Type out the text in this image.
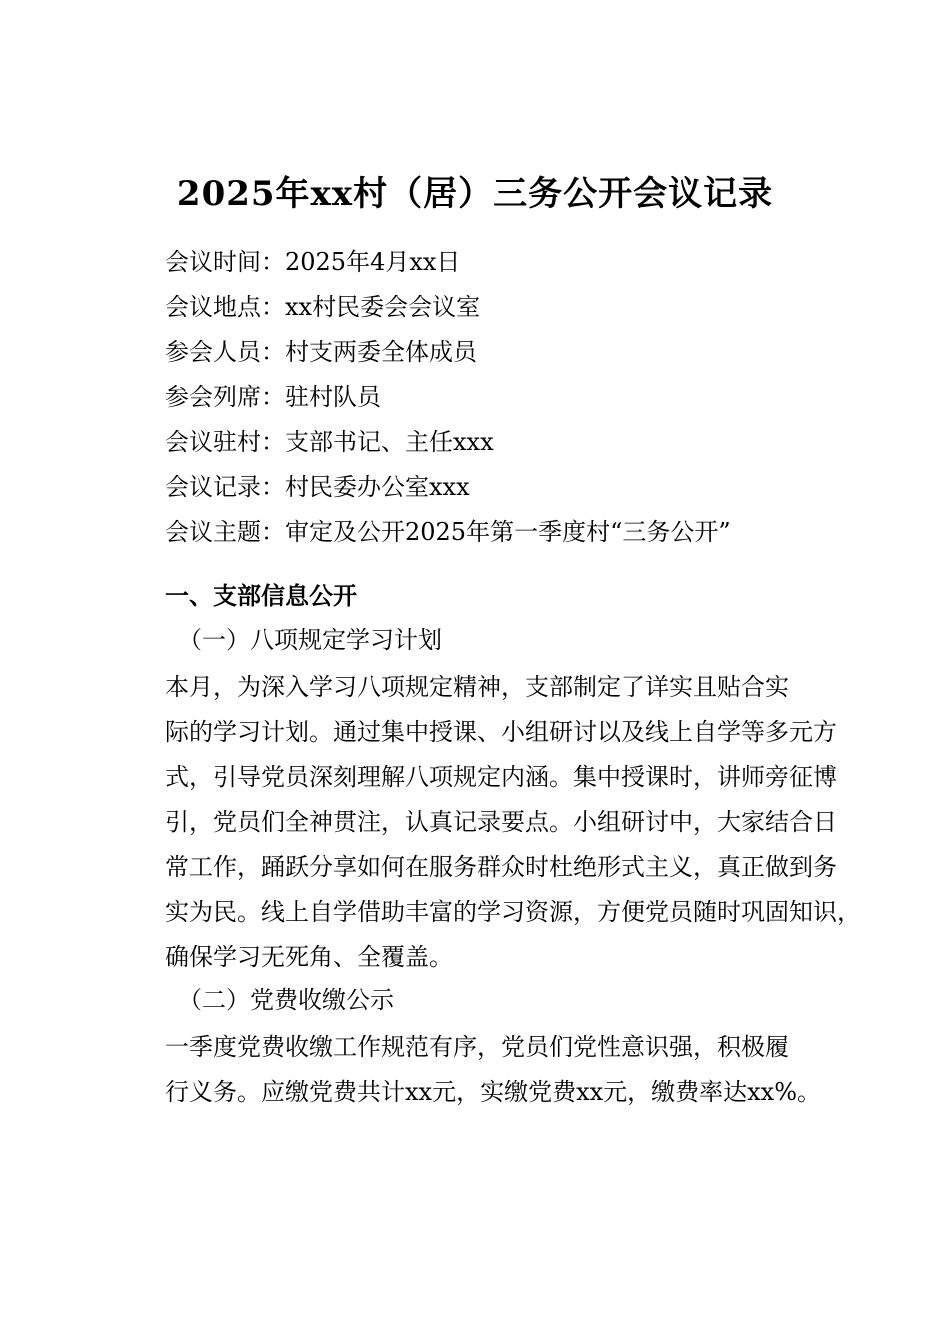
2025年xx村（居）三务公开会议记录
会议时间：2025年4月xx日
会议地点：xx村民委会会议室
参会人员：村支两委全体成员
参会列席：驻村队员
会议驻村：支部书记、主任xxx
会议记录：村民委办公室xxx
会议主题：审定及公开2025年第一季度村“三务公开”
一、支部信息公开
（一）八项规定学习计划
本月，为深入学习八项规定精神，支部制定了详实且贴合实
际的学习计划。通过集中授课、小组研讨以及线上自学等多元方
式，引导党员深刻理解八项规定内涵。集中授课时，讲师旁征博
引，党员们全神贯注，认真记录要点。小组研讨中，大家结合日
常工作，踊跃分享如何在服务群众时杜绝形式主义，真正做到务
实为民。线上自学借助丰富的学习资源，方便党员随时巩固知识，
确保学习无死角、全覆盖。
（二）党费收缴公示
一季度党费收缴工作规范有序，党员们党性意识强，积极履
行义务。应缴党费共计xx元，实缴党费xx元，缴费率达xx%。
